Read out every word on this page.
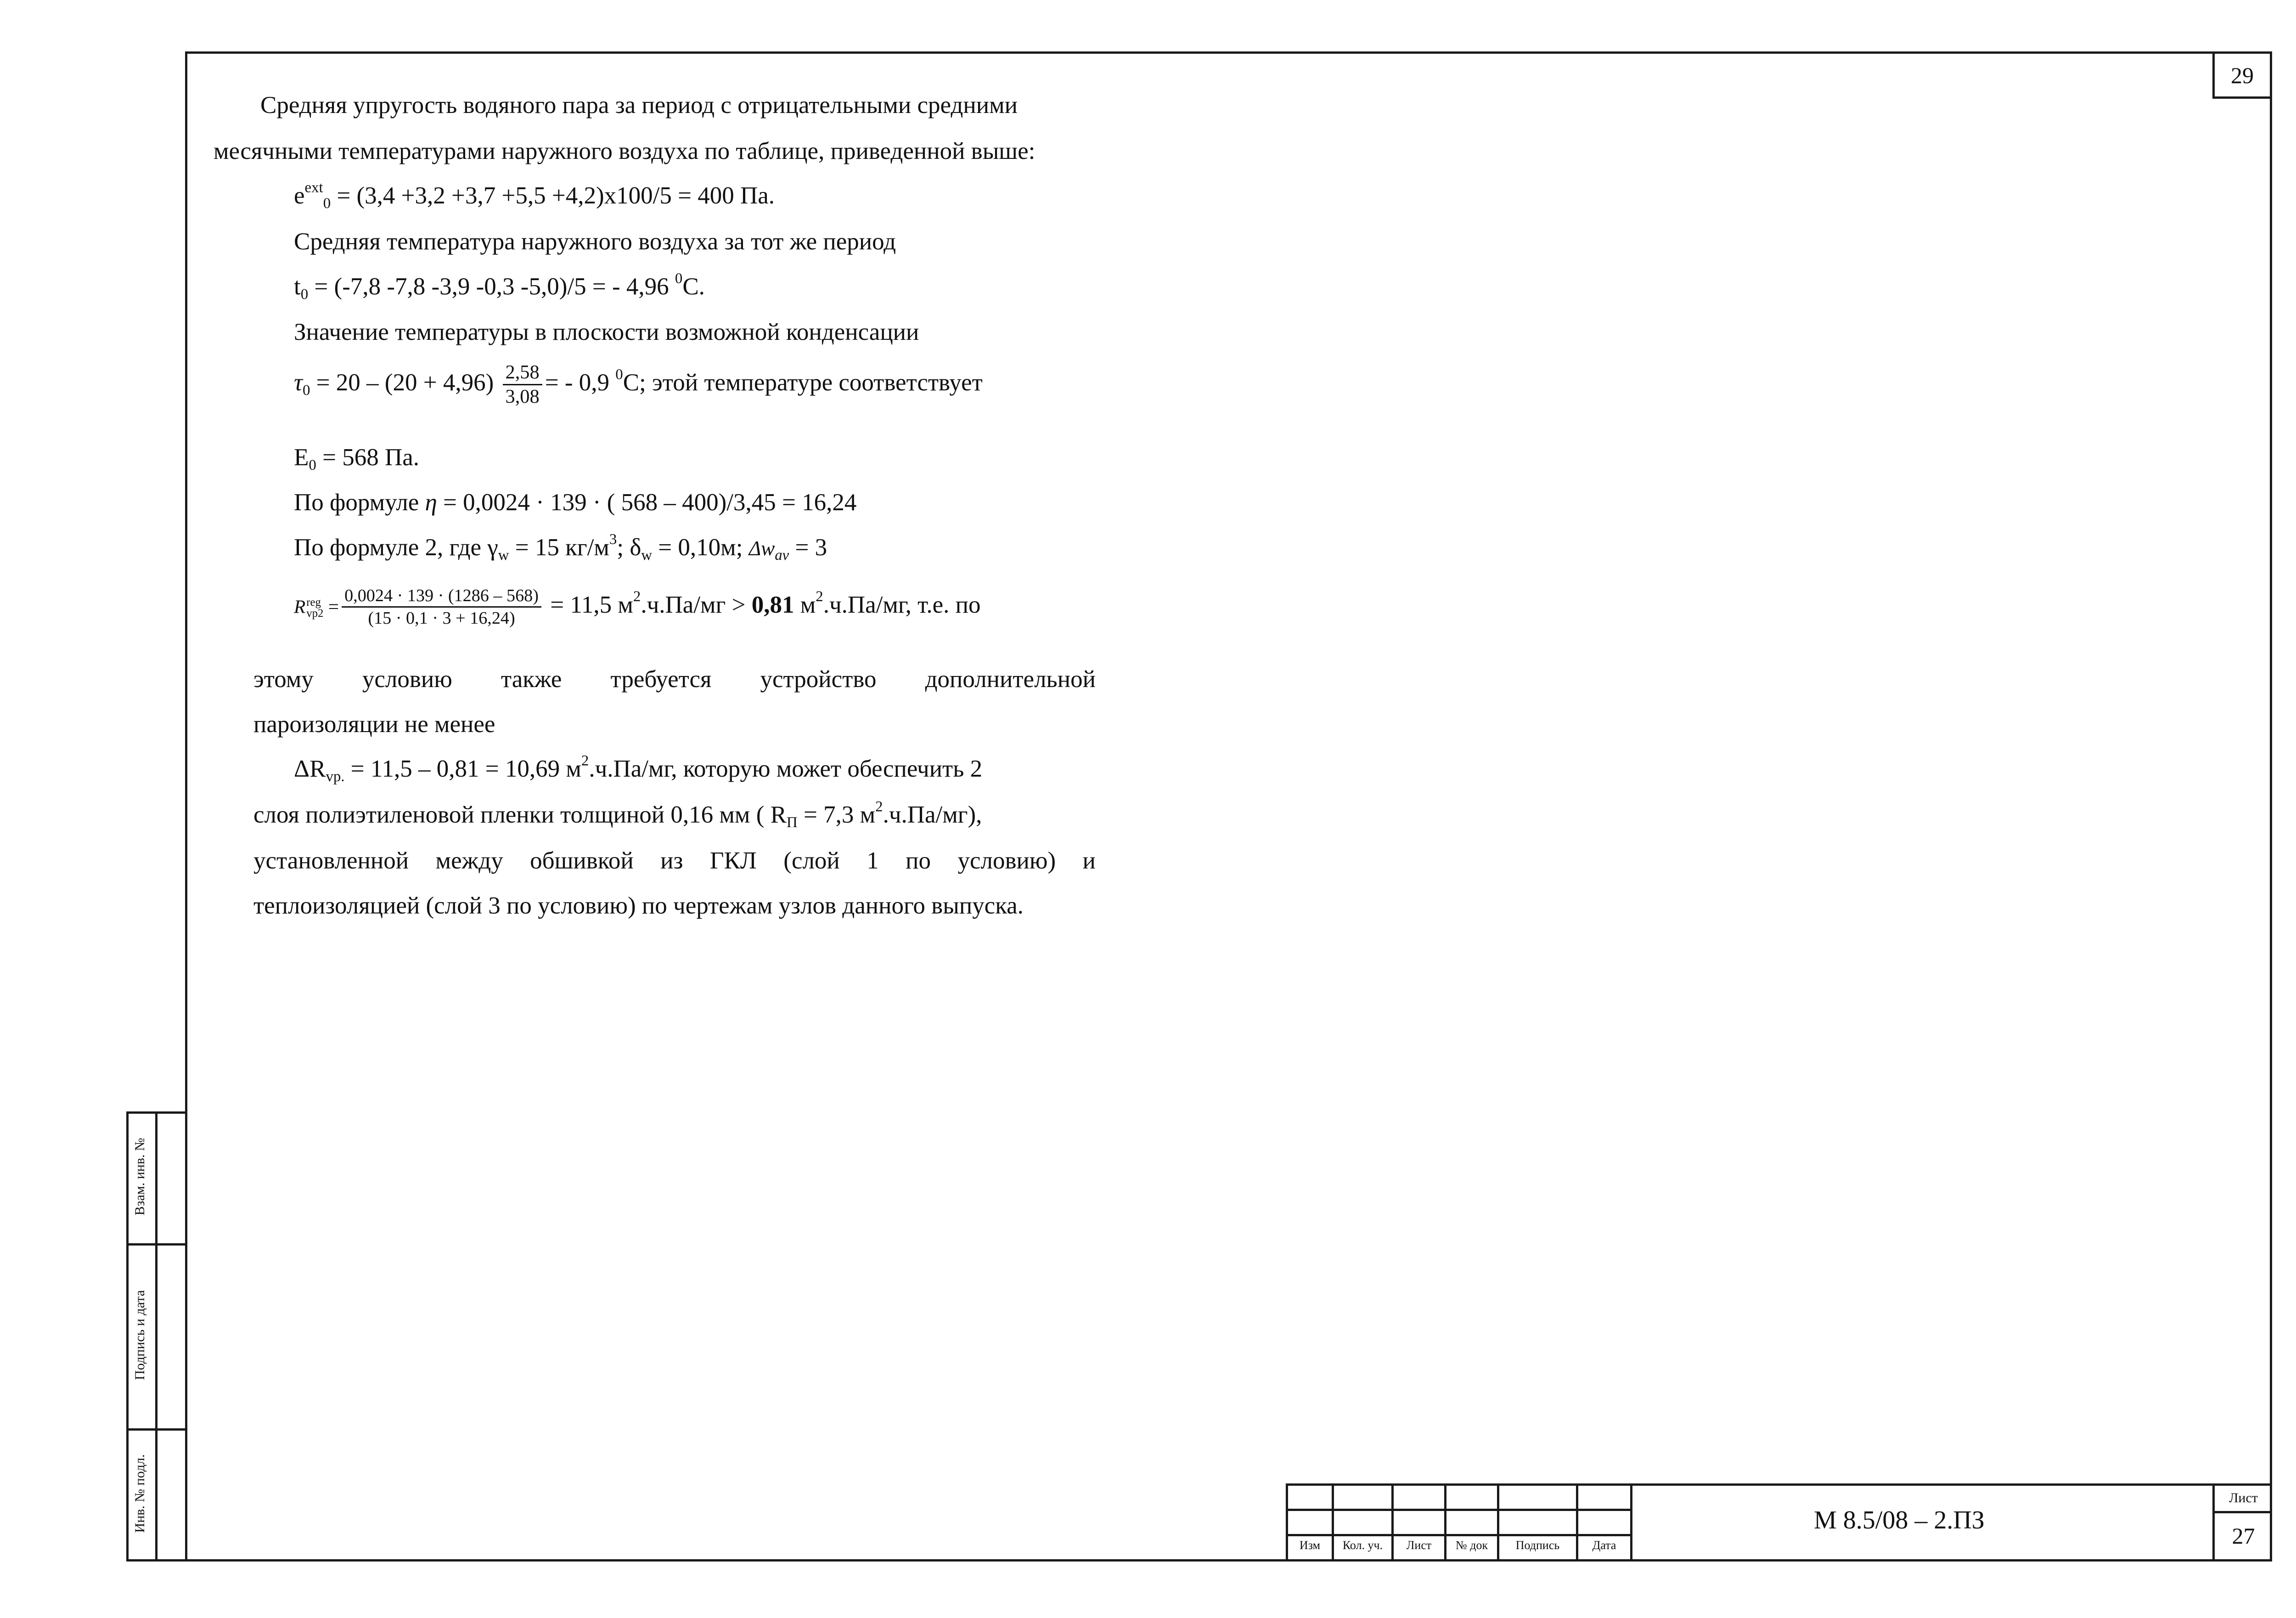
29
Средняя упругость водяного пара за период с отрицательными средними
месячными температурами наружного воздуха по таблице, приведенной выше:
$e^{ext}_0 = (3,4 +3,2 +3,7 +5,5 +4,2)x100/5 = 400$ Па.
Средняя температура наружного воздуха за тот же период
$t_0 = (-7,8$ -7,8 -3,9 -0,3 -5,0)/5 = - 4,96 $^0$С.
Значение температуры в плоскости возможной конденсации
$\tau_0 = 20 - (20 + 4,96) \frac{2,58}{3,08}$ = - 0,9 $^0$С; этой температуре соответствует
$E_0 = 568$ Па.
По формуле η = 0,0024 · 139 · ( 568 – 400)/3,45 = 16,24
По формуле 2, где $\gamma_w = 15$ $кг/м^3$; $\delta_w = 0,10м$; $\Delta w_{av} = 3$
R reg
$vp2 = \frac{0,0024 \cdot 139 \cdot (1286 - 568)}{(15 \cdot 0,1 \cdot 3 + 16,24)} = 11,5$ $м^2.ч.Па/мг > 0,81$ $м^2.ч.Па/мг$, т.е. по
этому условию также требуется устройство дополнительной
пароизоляции не менее
$\Delta R_{vp.} = 11,5 - 0,81 = 10,69$ $м^2.ч.Па/мг$, которую может обеспечить 2
слоя полиэтиленовой пленки толщиной 0,16 мм ( $R_П = 7,3$ $м^2.ч.Па/мг$),
установленной между обшивкой из ГКЛ (слой 1 по условию) и
теплоизоляцией (слой 3 по условию) по чертежам узлов данного выпуска.
Взам. инв. №
Подпись и дата
Инв. № подл.
Изм	Кол. уч.	Лист	№ док	Подпись	Дата
М 8.5/08 – 2.ПЗ
Лист
27
